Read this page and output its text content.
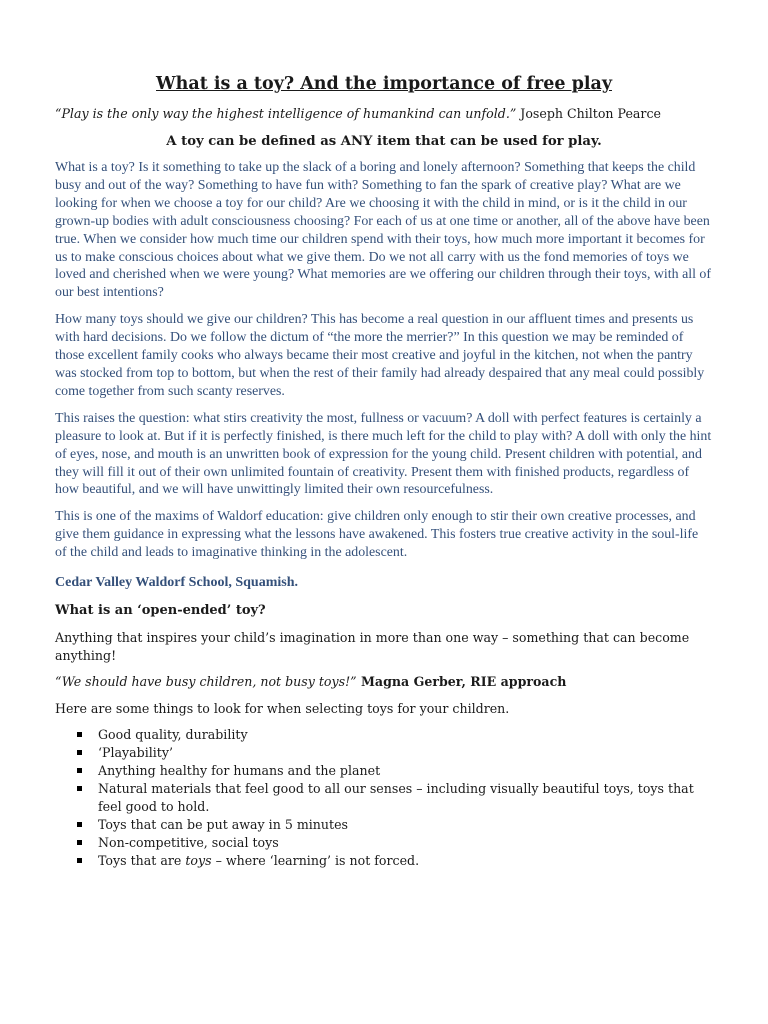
What is a toy? And the importance of free play

“Play is the only way the highest intelligence of humankind can unfold.” Joseph Chilton Pearce

A toy can be defined as ANY item that can be used for play.

What is a toy? Is it something to take up the slack of a boring and lonely afternoon? Something that keeps the child busy and out of the way? Something to have fun with? Something to fan the spark of creative play? What are we looking for when we choose a toy for our child? Are we choosing it with the child in mind, or is it the child in our grown-up bodies with adult consciousness choosing? For each of us at one time or another, all of the above have been true. When we consider how much time our children spend with their toys, how much more important it becomes for us to make conscious choices about what we give them. Do we not all carry with us the fond memories of toys we loved and cherished when we were young? What memories are we offering our children through their toys, with all of our best intentions?

How many toys should we give our children? This has become a real question in our affluent times and presents us with hard decisions. Do we follow the dictum of “the more the merrier?” In this question we may be reminded of those excellent family cooks who always became their most creative and joyful in the kitchen, not when the pantry was stocked from top to bottom, but when the rest of their family had already despaired that any meal could possibly come together from such scanty reserves.

This raises the question: what stirs creativity the most, fullness or vacuum? A doll with perfect features is certainly a pleasure to look at. But if it is perfectly finished, is there much left for the child to play with? A doll with only the hint of eyes, nose, and mouth is an unwritten book of expression for the young child. Present children with potential, and they will fill it out of their own unlimited fountain of creativity. Present them with finished products, regardless of how beautiful, and we will have unwittingly limited their own resourcefulness.

This is one of the maxims of Waldorf education: give children only enough to stir their own creative processes, and give them guidance in expressing what the lessons have awakened. This fosters true creative activity in the soul-life of the child and leads to imaginative thinking in the adolescent.

Cedar Valley Waldorf School, Squamish.

What is an ‘open-ended’ toy?

Anything that inspires your child’s imagination in more than one way – something that can become anything!

“We should have busy children, not busy toys!” Magna Gerber, RIE approach

Here are some things to look for when selecting toys for your children.

Good quality, durability
‘Playability’
Anything healthy for humans and the planet
Natural materials that feel good to all our senses – including visually beautiful toys, toys that feel good to hold.
Toys that can be put away in 5 minutes
Non-competitive, social toys
Toys that are toys – where ‘learning’ is not forced.
